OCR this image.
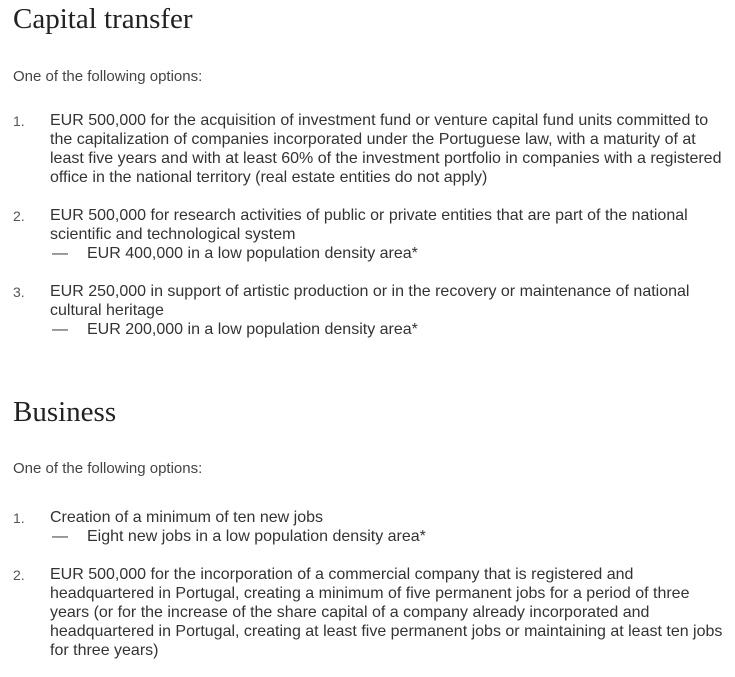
Capital transfer

One of the following options:

1. EUR 500,000 for the acquisition of investment fund or venture capital fund units committed to the capitalization of companies incorporated under the Portuguese law, with a maturity of at least five years and with at least 60% of the investment portfolio in companies with a registered office in the national territory (real estate entities do not apply)
2. EUR 500,000 for research activities of public or private entities that are part of the national scientific and technological system
— EUR 400,000 in a low population density area*
3. EUR 250,000 in support of artistic production or in the recovery or maintenance of national cultural heritage
— EUR 200,000 in a low population density area*
Business

One of the following options:

1. Creation of a minimum of ten new jobs
— Eight new jobs in a low population density area*
2. EUR 500,000 for the incorporation of a commercial company that is registered and headquartered in Portugal, creating a minimum of five permanent jobs for a period of three years (or for the increase of the share capital of a company already incorporated and headquartered in Portugal, creating at least five permanent jobs or maintaining at least ten jobs for three years)
